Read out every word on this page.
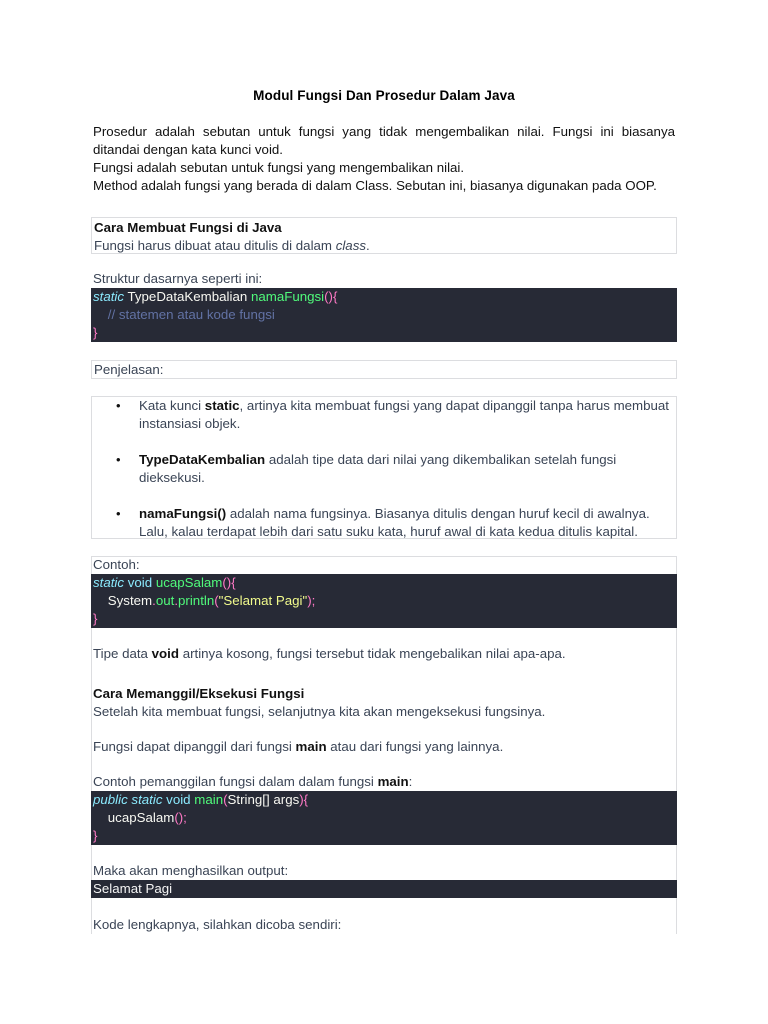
Modul Fungsi Dan Prosedur Dalam Java

Prosedur adalah sebutan untuk fungsi yang tidak mengembalikan nilai. Fungsi ini biasanya ditandai dengan kata kunci void.

Fungsi adalah sebutan untuk fungsi yang mengembalikan nilai.

Method adalah fungsi yang berada di dalam Class. Sebutan ini, biasanya digunakan pada OOP.

Cara Membuat Fungsi di Java
Fungsi harus dibuat atau ditulis di dalam class.
Struktur dasarnya seperti ini:
static TypeDataKembalian namaFungsi(){
// statemen atau kode fungsi
}
Penjelasan:
• Kata kunci static, artinya kita membuat fungsi yang dapat dipanggil tanpa harus membuat instansiasi objek.
• TypeDataKembalian adalah tipe data dari nilai yang dikembalikan setelah fungsi dieksekusi.
• namaFungsi() adalah nama fungsinya. Biasanya ditulis dengan huruf kecil di awalnya. Lalu, kalau terdapat lebih dari satu suku kata, huruf awal di kata kedua ditulis kapital.
Contoh:
static void ucapSalam(){
System.out.println("Selamat Pagi");
}
Tipe data void artinya kosong, fungsi tersebut tidak mengebalikan nilai apa-apa.
Cara Memanggil/Eksekusi Fungsi
Setelah kita membuat fungsi, selanjutnya kita akan mengeksekusi fungsinya.
Fungsi dapat dipanggil dari fungsi main atau dari fungsi yang lainnya.
Contoh pemanggilan fungsi dalam dalam fungsi main:
public static void main(String[] args){
ucapSalam();
}
Maka akan menghasilkan output:
Selamat Pagi
Kode lengkapnya, silahkan dicoba sendiri:
